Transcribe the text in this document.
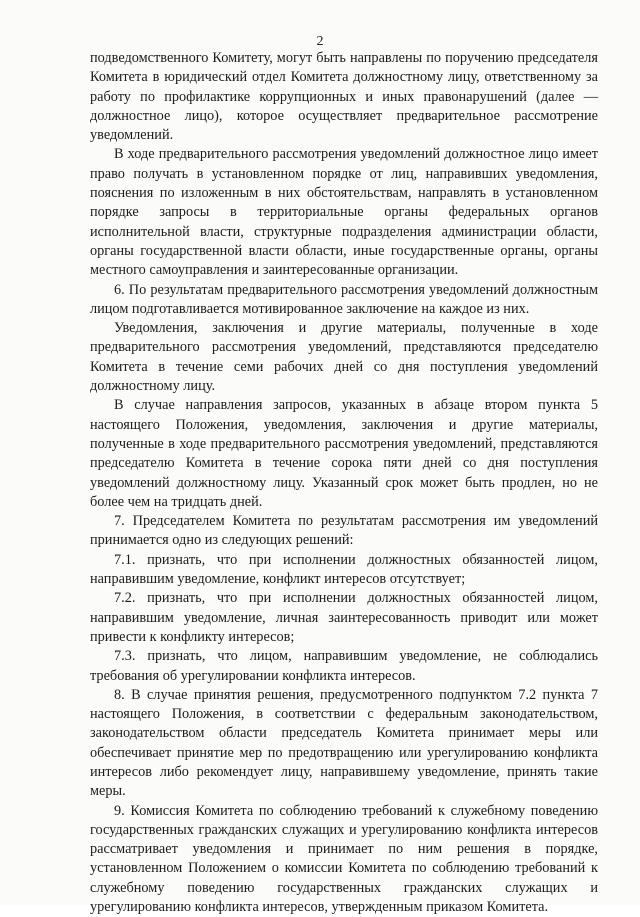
2

подведомственного Комитету, могут быть направлены по поручению председателя Комитета в юридический отдел Комитета должностному лицу, ответственному за работу по профилактике коррупционных и иных правонарушений (далее — должностное лицо), которое осуществляет предварительное рассмотрение уведомлений.

В ходе предварительного рассмотрения уведомлений должностное лицо имеет право получать в установленном порядке от лиц, направивших уведомления, пояснения по изложенным в них обстоятельствам, направлять в установленном порядке запросы в территориальные органы федеральных органов исполнительной власти, структурные подразделения администрации области, органы государственной власти области, иные государственные органы, органы местного самоуправления и заинтересованные организации.

6. По результатам предварительного рассмотрения уведомлений должностным лицом подготавливается мотивированное заключение на каждое из них.

Уведомления, заключения и другие материалы, полученные в ходе предварительного рассмотрения уведомлений, представляются председателю Комитета в течение семи рабочих дней со дня поступления уведомлений должностному лицу.

В случае направления запросов, указанных в абзаце втором пункта 5 настоящего Положения, уведомления, заключения и другие материалы, полученные в ходе предварительного рассмотрения уведомлений, представляются председателю Комитета в течение сорока пяти дней со дня поступления уведомлений должностному лицу. Указанный срок может быть продлен, но не более чем на тридцать дней.

7. Председателем Комитета по результатам рассмотрения им уведомлений принимается одно из следующих решений:

7.1. признать, что при исполнении должностных обязанностей лицом, направившим уведомление, конфликт интересов отсутствует;

7.2. признать, что при исполнении должностных обязанностей лицом, направившим уведомление, личная заинтересованность приводит или может привести к конфликту интересов;

7.3. признать, что лицом, направившим уведомление, не соблюдались требования об урегулировании конфликта интересов.

8. В случае принятия решения, предусмотренного подпунктом 7.2 пункта 7 настоящего Положения, в соответствии с федеральным законодательством, законодательством области председатель Комитета принимает меры или обеспечивает принятие мер по предотвращению или урегулированию конфликта интересов либо рекомендует лицу, направившему уведомление, принять такие меры.

9. Комиссия Комитета по соблюдению требований к служебному поведению государственных гражданских служащих и урегулированию конфликта интересов рассматривает уведомления и принимает по ним решения в порядке, установленном Положением о комиссии Комитета по соблюдению требований к служебному поведению государственных гражданских служащих и урегулированию конфликта интересов, утвержденным приказом Комитета.
